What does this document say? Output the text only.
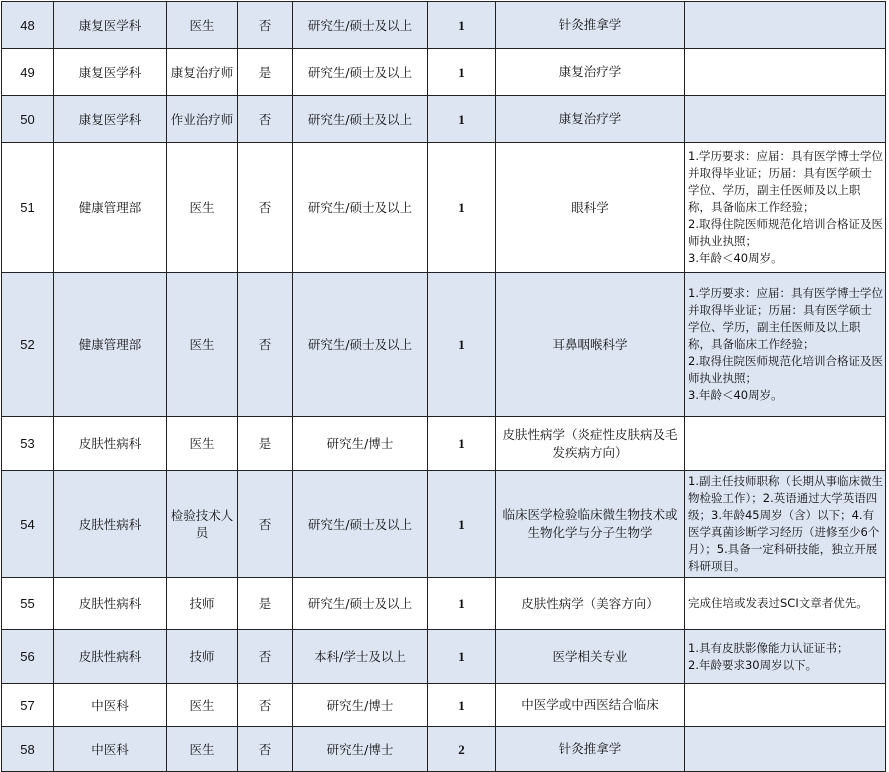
48	康复医学科	医生	否	研究生/硕士及以上	1	针灸推拿学	
49	康复医学科	康复治疗师	是	研究生/硕士及以上	1	康复治疗学	
50	康复医学科	作业治疗师	否	研究生/硕士及以上	1	康复治疗学	
51	健康管理部	医生	否	研究生/硕士及以上	1	眼科学	1.学历要求：应届：具有医学博士学位并取得毕业证；历届：具有医学硕士学位、学历，副主任医师及以上职称，具备临床工作经验；
2.取得住院医师规范化培训合格证及医师执业执照；
3.年龄＜40周岁。
52	健康管理部	医生	否	研究生/硕士及以上	1	耳鼻咽喉科学	1.学历要求：应届：具有医学博士学位并取得毕业证；历届：具有医学硕士学位、学历，副主任医师及以上职称，具备临床工作经验；
2.取得住院医师规范化培训合格证及医师执业执照；
3.年龄＜40周岁。
53	皮肤性病科	医生	是	研究生/博士	1	皮肤性病学（炎症性皮肤病及毛发疾病方向）	
54	皮肤性病科	检验技术人员	否	研究生/硕士及以上	1	临床医学检验临床微生物技术或生物化学与分子生物学	1.副主任技师职称（长期从事临床微生物检验工作）；2.英语通过大学英语四级；3.年龄45周岁（含）以下；4.有医学真菌诊断学习经历（进修至少6个月）；5.具备一定科研技能，独立开展科研项目。
55	皮肤性病科	技师	是	研究生/硕士及以上	1	皮肤性病学（美容方向）	完成住培或发表过SCI文章者优先。
56	皮肤性病科	技师	否	本科/学士及以上	1	医学相关专业	1.具有皮肤影像能力认证证书；
2.年龄要求30周岁以下。
57	中医科	医生	否	研究生/博士	1	中医学或中西医结合临床	
58	中医科	医生	否	研究生/博士	2	针灸推拿学	
